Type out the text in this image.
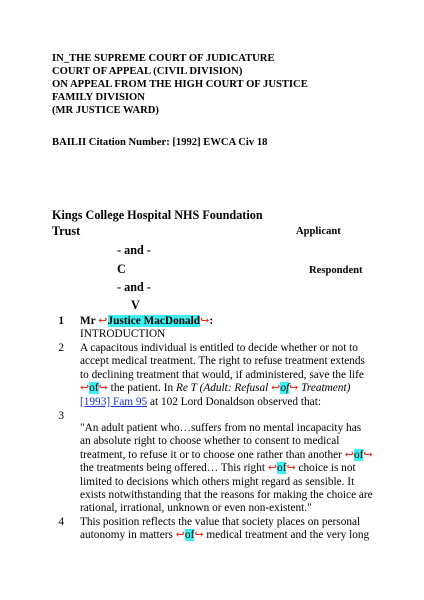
IN_THE SUPREME COURT OF JUDICATURE
COURT OF APPEAL (CIVIL DIVISION)
ON APPEAL FROM THE HIGH COURT OF JUSTICE
FAMILY DIVISION
(MR JUSTICE WARD)
BAILII Citation Number: [1992] EWCA Civ 18
Kings College Hospital NHS Foundation
Trust	Applicant
- and -
C	Respondent
- and -
V
1 Mr ↩Justice MacDonald↪:
INTRODUCTION
2 A capacitous individual is entitled to decide whether or not to
accept medical treatment. The right to refuse treatment extends
to declining treatment that would, if administered, save the life
↩of↪ the patient. In Re T (Adult: Refusal ↩of↪ Treatment)
[1993] Fam 95 at 102 Lord Donaldson observed that:
3
"An adult patient who…suffers from no mental incapacity has
an absolute right to choose whether to consent to medical
treatment, to refuse it or to choose one rather than another ↩of↪
the treatments being offered… This right ↩of↪ choice is not
limited to decisions which others might regard as sensible. It
exists notwithstanding that the reasons for making the choice are
rational, irrational, unknown or even non-existent."
4 This position reflects the value that society places on personal
autonomy in matters ↩of↪ medical treatment and the very long
